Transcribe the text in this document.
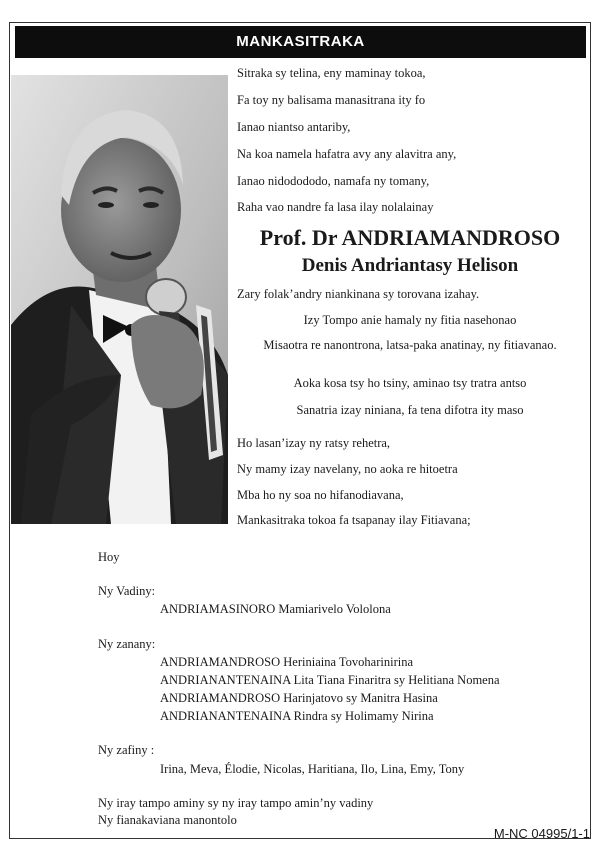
MANKASITRAKA
Sitraka sy telina, eny maminay tokoa,
Fa toy ny balisama manasitrana ity fo
Ianao niantso antariby,
Na koa namela hafatra avy any alavitra any,
Ianao nidodododo, namafa ny tomany,
Raha vao nandre fa lasa ilay nolalainay
Prof. Dr ANDRIAMANDROSO
Denis Andriantasy Helison
Zary folak’andry niankinana sy torovana izahay.
Izy Tompo anie hamaly ny fitia nasehonao
Misaotra re nanontrona, latsa-paka anatinay, ny fitiavanao.
Aoka kosa tsy ho tsiny, aminao tsy tratra antso
Sanatria izay niniana, fa tena difotra ity maso
Ho lasan’izay ny ratsy rehetra,
Ny mamy izay navelany, no aoka re hitoetra
Mba ho ny soa no hifanodiavana,
Mankasitraka tokoa fa tsapanay ilay Fitiavana;
Hoy
Ny Vadiny:
ANDRIAMASINORO Mamiarivelo Vololona
Ny zanany:
ANDRIAMANDROSO Heriniaina Tovoharinirina
ANDRIANANTENAINA Lita Tiana Finaritra sy Helitiana Nomena
ANDRIAMANDROSO Harinjatovo sy Manitra Hasina
ANDRIANANTENAINA Rindra sy Holimamy Nirina
Ny zafiny :
Irina, Meva, Élodie, Nicolas, Haritiana, Ilo, Lina, Emy, Tony
Ny iray tampo aminy sy ny iray tampo amin’ny vadiny
Ny fianakaviana manontolo
M-NC 04995/1-1
